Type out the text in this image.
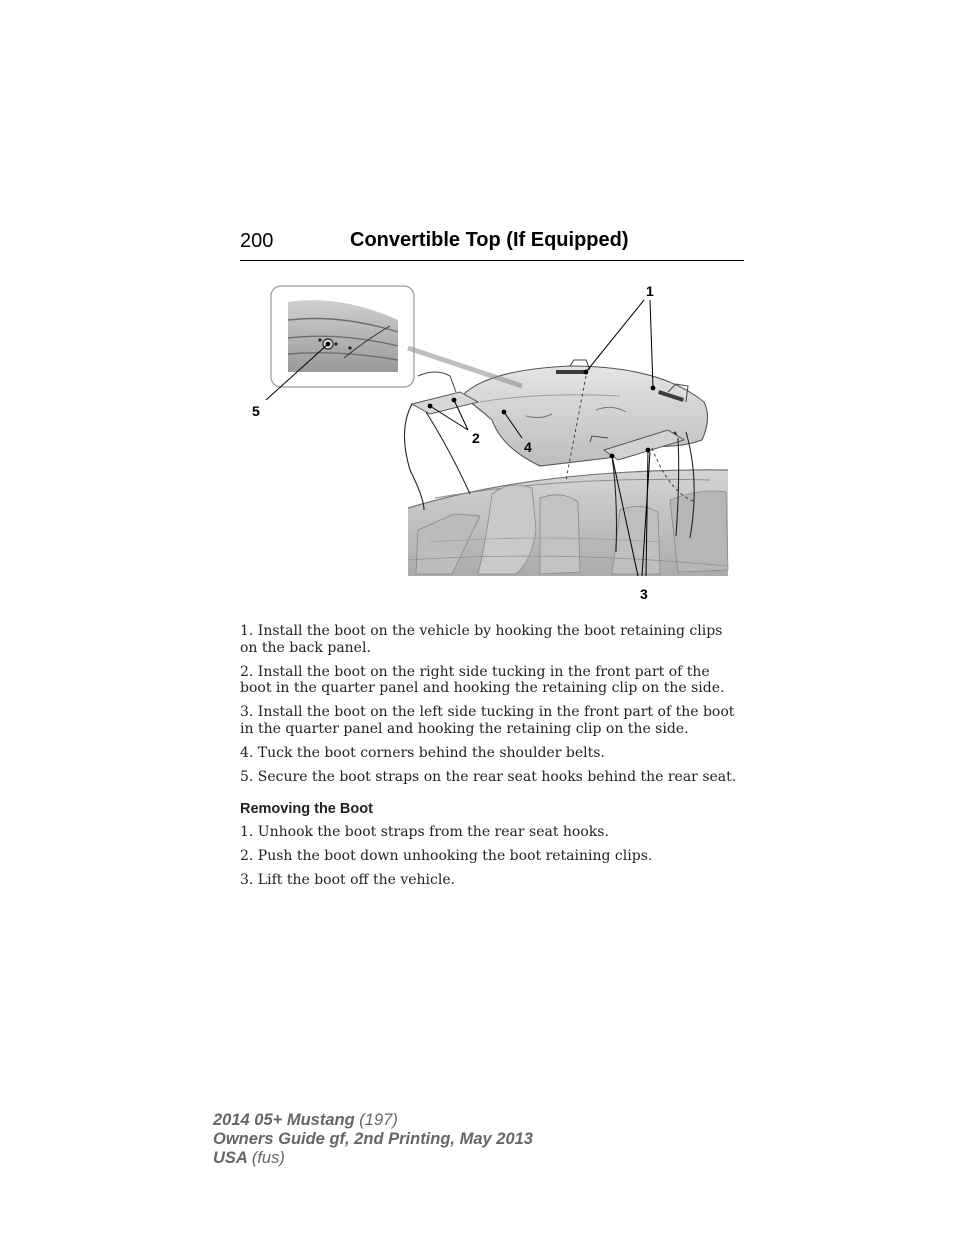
200	Convertible Top (If Equipped)
1
2
3
4
5

1. Install the boot on the vehicle by hooking the boot retaining clips on the back panel.

2. Install the boot on the right side tucking in the front part of the boot in the quarter panel and hooking the retaining clip on the side.

3. Install the boot on the left side tucking in the front part of the boot in the quarter panel and hooking the retaining clip on the side.

4. Tuck the boot corners behind the shoulder belts.

5. Secure the boot straps on the rear seat hooks behind the rear seat.

Removing the Boot

1. Unhook the boot straps from the rear seat hooks.

2. Push the boot down unhooking the boot retaining clips.

3. Lift the boot off the vehicle.

2014 05+ Mustang (197)
Owners Guide gf, 2nd Printing, May 2013
USA (fus)
